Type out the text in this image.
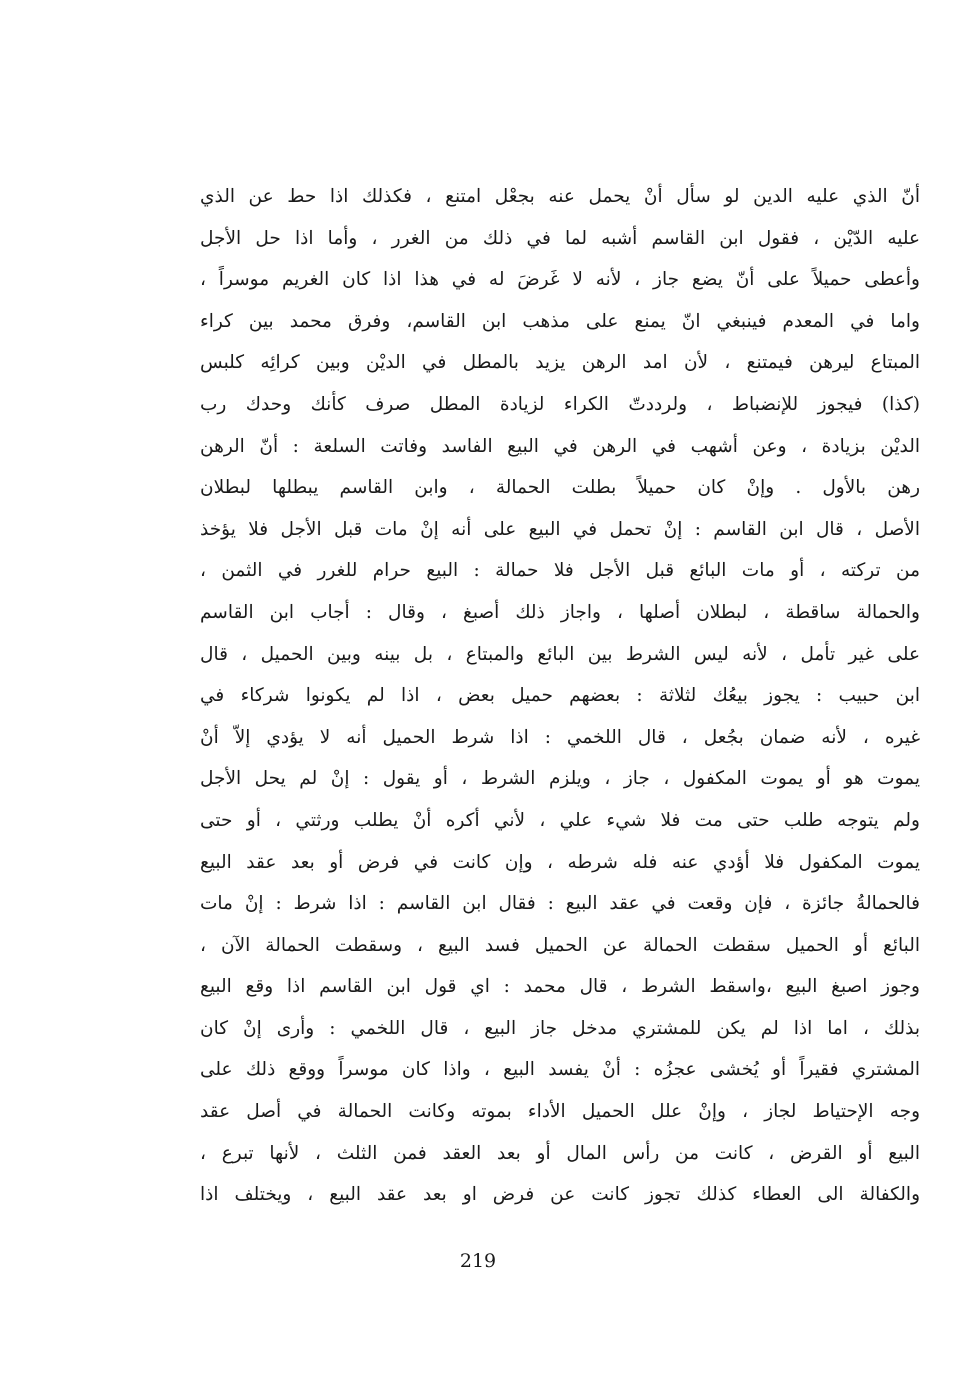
أنّ الذي عليه الدين لو سأل أنْ يحمل عنه بجعْل امتنع ، فكذلك اذا حط عن الذي
عليه الدّيْن ، فقول ابن القاسم أشبه لما في ذلك من الغرر ، وأما اذا حل الأجل
وأعطى حميلاً على أنّ يضع جاز ، لأنه لا غَرضَ له في هذا اذا كان الغريم موسراً ،
واما في المعدم فينبغي انّ يمنع على مذهب ابن القاسم، وفرق محمد بين كراء
المبتاع ليرهن فيمتنع ، لأن امد الرهن يزيد بالمطل في الديْن وبين كرائِه كلبس
(كذا) فيجوز للإنضباط ، ولرددتّ الكراء لزيادة المطل صرف كأنك وحدك رب
الديْن بزيادة ، وعن أشهب في الرهن في البيع الفاسد وفاتت السلعة : أنّ الرهن
رهن بالأول . وإنْ كان حميلاً بطلت الحمالة ، وابن القاسم يبطلها لبطلان
الأصل ، قال ابن القاسم : إنْ تحمل في البيع على أنه إنْ مات قبل الأجل فلا يؤخذ
من تركته ، أو مات البائع قبل الأجل فلا حمالة : البيع حرام للغرر في الثمن ،
والحمالة ساقطة ، لبطلان أصلها ، واجاز ذلك أصبغ ، وقال : أجاب ابن القاسم
على غير تأمل ، لأنه ليس الشرط بين البائع والمبتاع ، بل بينه وبين الحميل ، قال
ابن حبيب : يجوز بيعُك لثلاثة : بعضهم حميل بعض ، اذا لم يكونوا شركاء في
غيره ، لأنه ضمان بجُعل ، قال اللخمي : اذا شرط الحميل أنه لا يؤدي إلاّ أنْ
يموت هو أو يموت المكفول ، جاز ، ويلزم الشرط ، أو يقول : إنْ لم يحل الأجل
ولم يتوجه طلب حتى مت فلا شيء علي ، لأني أكره أنْ يطلب ورثتي ، أو حتى
يموت المكفول فلا أؤدي عنه فله شرطه ، وإن كانت في فرض أو بعد عقد البيع
فالحمالةُ جائزة ، فإن وقعت في عقد البيع : فقال ابن القاسم : اذا شرط : إنْ مات
البائع أو الحميل سقطت الحمالة عن الحميل فسد البيع ، وسقطت الحمالة الآن ،
وجوز اصبغ البيع ،واسقط الشرط ، قال محمد : اي قول ابن القاسم اذا وقع البيع
بذلك ، اما اذا لم يكن للمشتري مدخل جاز البيع ، قال اللخمي : وأرى إنْ كان
المشتري فقيراً أو يُخشى عجزُه : أنْ يفسد البيع ، واذا كان موسراً ووقع ذلك على
وجه الإحتياط لجاز ، وإنْ علل الحميل الأداء بموته وكانت الحمالة في أصل عقد
البيع أو القرض ، كانت من رأس المال أو بعد العقد فمن الثلث ، لأنها تبرع ،
والكفالة الى العطاء كذلك تجوز كانت عن فرض او بعد عقد البيع ، ويختلف اذا
219
